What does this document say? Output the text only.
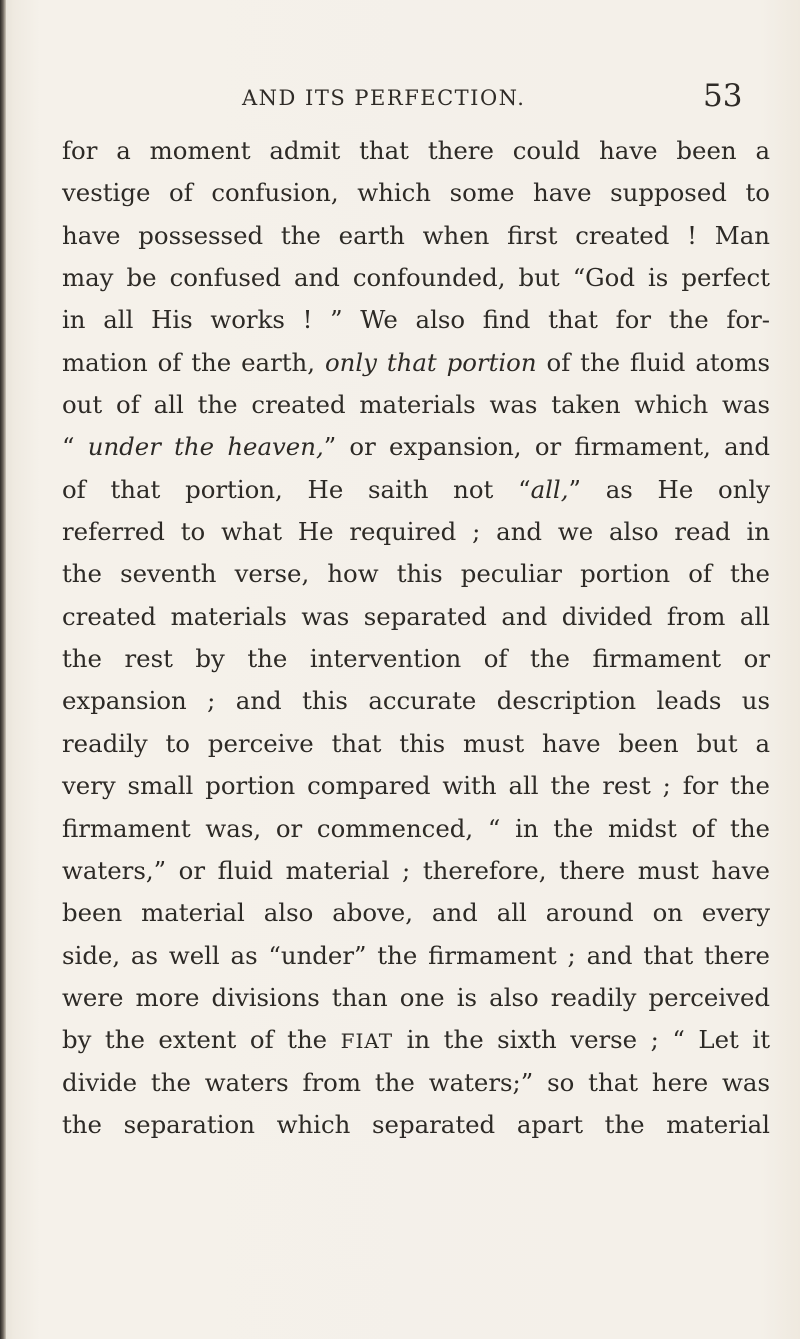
AND ITS PERFECTION.	53
for a moment admit that there could have been a
vestige of confusion, which some have supposed to
have possessed the earth when first created ! Man
may be confused and confounded, but “God is perfect
in all His works ! ” We also find that for the for-
mation of the earth, only that portion of the fluid atoms
out of all the created materials was taken which was
“ under the heaven,” or expansion, or firmament, and
of that portion, He saith not “all,” as He only
referred to what He required ; and we also read in
the seventh verse, how this peculiar portion of the
created materials was separated and divided from all
the rest by the intervention of the firmament or
expansion ; and this accurate description leads us
readily to perceive that this must have been but a
very small portion compared with all the rest ; for the
firmament was, or commenced, “ in the midst of the
waters,” or fluid material ; therefore, there must have
been material also above, and all around on every
side, as well as “under” the firmament ; and that there
were more divisions than one is also readily perceived
by the extent of the FIAT in the sixth verse ; “ Let it
divide the waters from the waters;” so that here was
the separation which separated apart the material
